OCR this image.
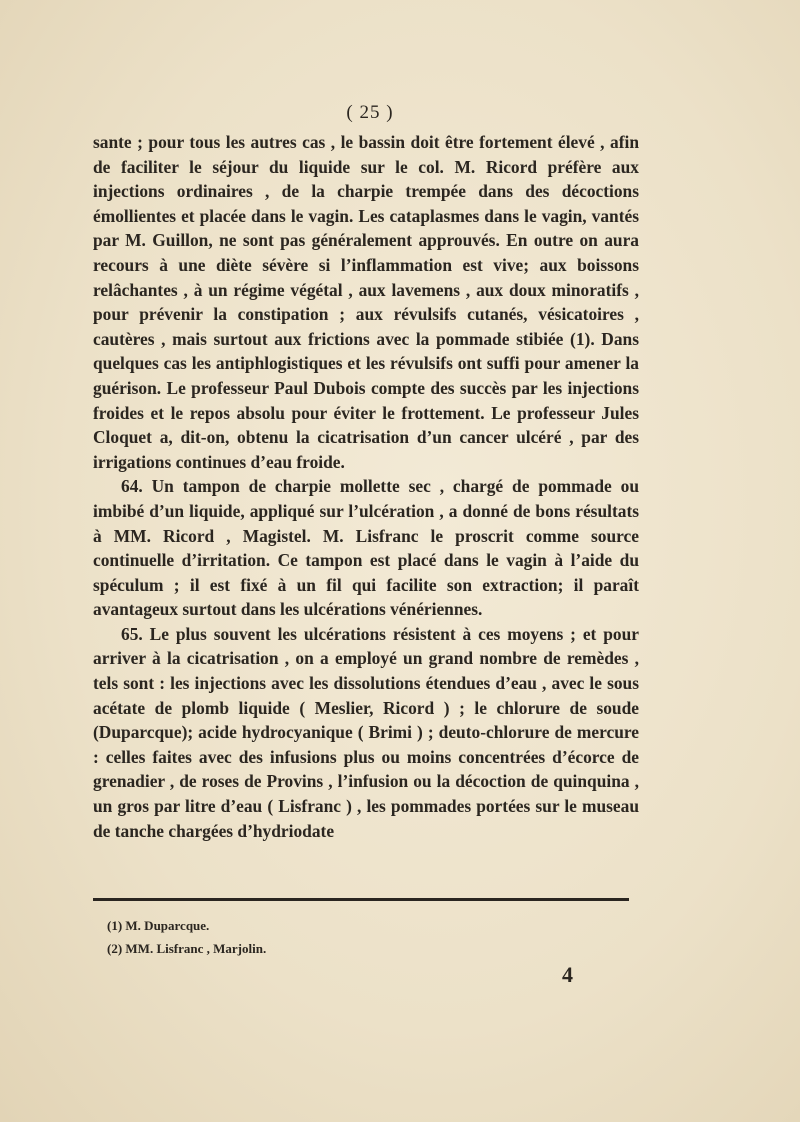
( 25 )

sante ; pour tous les autres cas , le bassin doit être fortement élevé , afin de faciliter le séjour du liquide sur le col. M. Ricord préfère aux injections ordinaires , de la charpie trempée dans des décoctions émollientes et placée dans le vagin. Les cataplasmes dans le vagin, vantés par M. Guillon, ne sont pas généralement approuvés. En outre on aura recours à une diète sévère si l’inflammation est vive; aux boissons relâchantes , à un régime végétal , aux lavemens , aux doux minoratifs , pour prévenir la constipation ; aux révulsifs cutanés, vésicatoires , cautères , mais surtout aux frictions avec la pommade stibiée (1). Dans quelques cas les antiphlogistiques et les révulsifs ont suffi pour amener la guérison. Le professeur Paul Dubois compte des succès par les injections froides et le repos absolu pour éviter le frottement. Le professeur Jules Cloquet a, dit-on, obtenu la cicatrisation d’un cancer ulcéré , par des irrigations continues d’eau froide.

64. Un tampon de charpie mollette sec , chargé de pommade ou imbibé d’un liquide, appliqué sur l’ulcération , a donné de bons résultats à MM. Ricord , Magistel. M. Lisfranc le proscrit comme source continuelle d’irritation. Ce tampon est placé dans le vagin à l’aide du spéculum ; il est fixé à un fil qui facilite son extraction; il paraît avantageux surtout dans les ulcérations vénériennes.

65. Le plus souvent les ulcérations résistent à ces moyens ; et pour arriver à la cicatrisation , on a employé un grand nombre de remèdes , tels sont : les injections avec les dissolutions étendues d’eau , avec le sous acétate de plomb liquide ( Meslier, Ricord ) ; le chlorure de soude (Duparcque); acide hydrocyanique ( Brimi ) ; deuto-chlorure de mercure : celles faites avec des infusions plus ou moins concentrées d’écorce de grenadier , de roses de Provins , l’infusion ou la décoction de quinquina , un gros par litre d’eau ( Lisfranc ) , les pommades portées sur le museau de tanche chargées d’hydriodate

(1) M. Duparcque.
(2) MM. Lisfranc , Marjolin.
4
